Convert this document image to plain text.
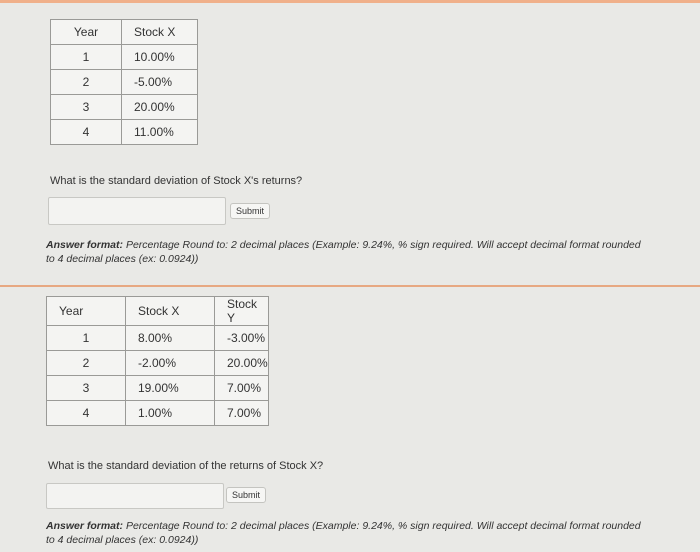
Year	Stock X
1	10.00%
2	-5.00%
3	20.00%
4	11.00%
What is the standard deviation of Stock X's returns?
Submit
Answer format: Percentage Round to: 2 decimal places (Example: 9.24%, % sign required. Will accept decimal format rounded to 4 decimal places (ex: 0.0924))
Year	Stock X	Stock Y
1	8.00%	-3.00%
2	-2.00%	20.00%
3	19.00%	7.00%
4	1.00%	7.00%
What is the standard deviation of the returns of Stock X?
Submit
Answer format: Percentage Round to: 2 decimal places (Example: 9.24%, % sign required. Will accept decimal format rounded to 4 decimal places (ex: 0.0924))
